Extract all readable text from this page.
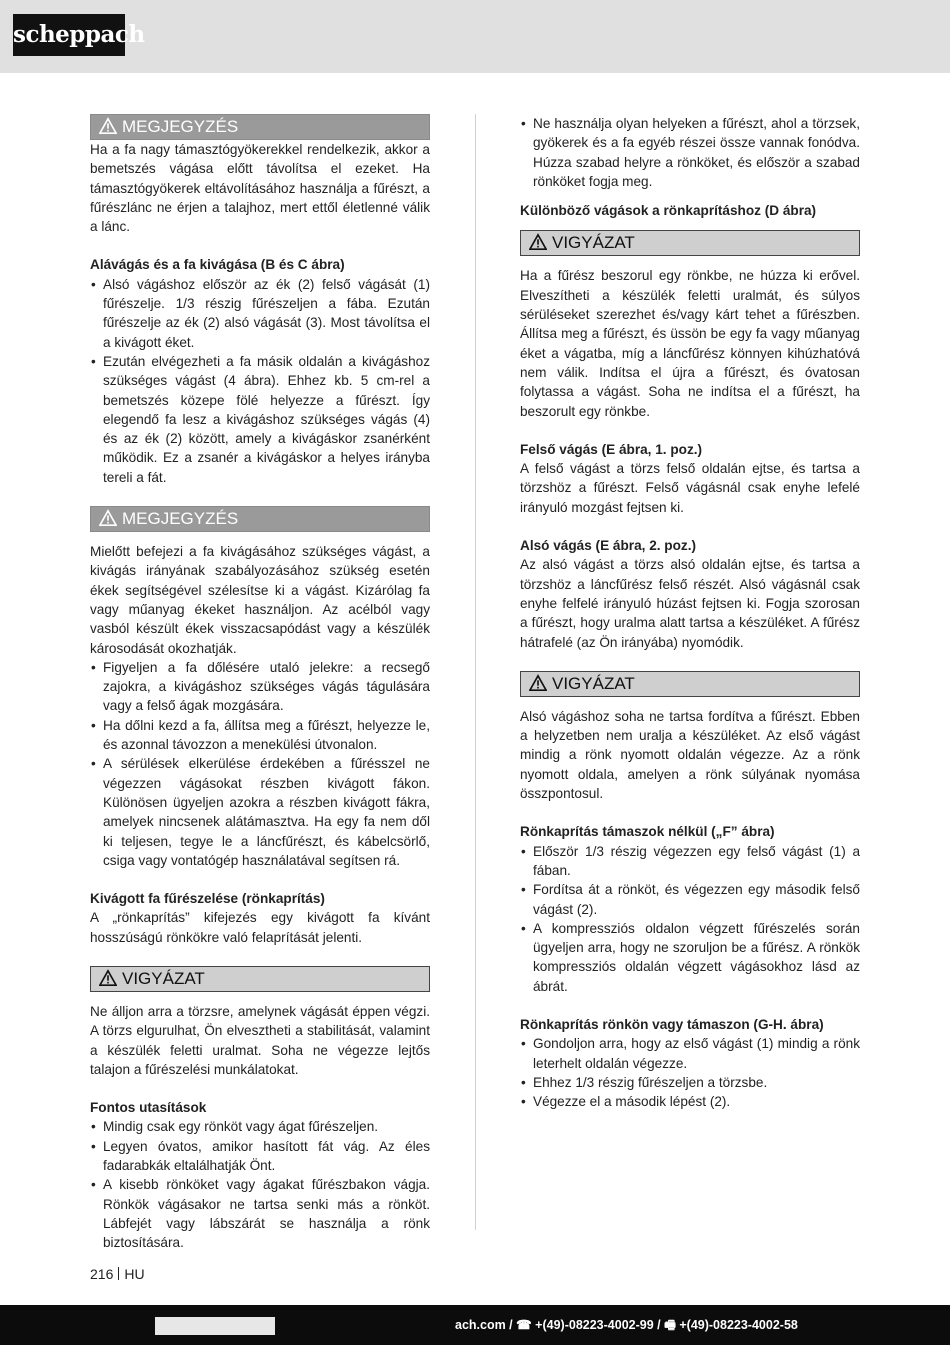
scheppach
MEGJEGYZÉS

Ha a fa nagy támasztógyökerekkel rendelkezik, akkor a bemetszés vágása előtt távolítsa el ezeket. Ha támasztógyökerek eltávolításához használja a fűrészt, a fűrészlánc ne érjen a talajhoz, mert ettől életlenné válik a lánc.

Alávágás és a fa kivágása (B és C ábra)

• Alsó vágáshoz először az ék (2) felső vágását (1) fűrészelje. 1/3 részig fűrészeljen a fába. Ezután fűrészelje az ék (2) alsó vágását (3). Most távolítsa el a kivágott éket.
• Ezután elvégezheti a fa másik oldalán a kivágáshoz szükséges vágást (4 ábra). Ehhez kb. 5 cm-rel a bemetszés közepe fölé helyezze a fűrészt. Így elegendő fa lesz a kivágáshoz szükséges vágás (4) és az ék (2) között, amely a kivágáskor zsanérként működik. Ez a zsanér a kivágáskor a helyes irányba tereli a fát.
MEGJEGYZÉS

Mielőtt befejezi a fa kivágásához szükséges vágást, a kivágás irányának szabályozásához szükség esetén ékek segítségével szélesítse ki a vágást. Kizárólag fa vagy műanyag ékeket használjon. Az acélból vagy vasból készült ékek visszacsapódást vagy a készülék károsodását okozhatják.

• Figyeljen a fa dőlésére utaló jelekre: a recsegő zajokra, a kivágáshoz szükséges vágás tágulására vagy a felső ágak mozgására.
• Ha dőlni kezd a fa, állítsa meg a fűrészt, helyezze le, és azonnal távozzon a menekülési útvonalon.
• A sérülések elkerülése érdekében a fűrésszel ne végezzen vágásokat részben kivágott fákon. Különösen ügyeljen azokra a részben kivágott fákra, amelyek nincsenek alátámasztva. Ha egy fa nem dől ki teljesen, tegye le a láncfűrészt, és kábelcsörlő, csiga vagy vontatógép használatával segítsen rá.

Kivágott fa fűrészelése (rönkaprítás)

A „rönkaprítás” kifejezés egy kivágott fa kívánt hosszúságú rönkökre való felaprítását jelenti.

VIGYÁZAT

Ne álljon arra a törzsre, amelynek vágását éppen végzi. A törzs elgurulhat, Ön elvesztheti a stabilitását, valamint a készülék feletti uralmat. Soha ne végezze lejtős talajon a fűrészelési munkálatokat.

Fontos utasítások

• Mindig csak egy rönköt vagy ágat fűrészeljen.
• Legyen óvatos, amikor hasított fát vág. Az éles fadarabkák eltalálhatják Önt.
• A kisebb rönköket vagy ágakat fűrészbakon vágja. Rönkök vágásakor ne tartsa senki más a rönköt. Lábfejét vagy lábszárát se használja a rönk biztosítására.
• Ne használja olyan helyeken a fűrészt, ahol a törzsek, gyökerek és a fa egyéb részei össze vannak fonódva. Húzza szabad helyre a rönköket, és először a szabad rönköket fogja meg.

Különböző vágások a rönkaprításhoz (D ábra)

VIGYÁZAT

Ha a fűrész beszorul egy rönkbe, ne húzza ki erővel. Elveszítheti a készülék feletti uralmát, és súlyos sérüléseket szerezhet és/vagy kárt tehet a fűrészben. Állítsa meg a fűrészt, és üssön be egy fa vagy műanyag éket a vágatba, míg a láncfűrész könnyen kihúzhatóvá nem válik. Indítsa el újra a fűrészt, és óvatosan folytassa a vágást. Soha ne indítsa el a fűrészt, ha beszorult egy rönkbe.

Felső vágás (E ábra, 1. poz.)

A felső vágást a törzs felső oldalán ejtse, és tartsa a törzshöz a fűrészt. Felső vágásnál csak enyhe lefelé irányuló mozgást fejtsen ki.

Alsó vágás (E ábra, 2. poz.)

Az alsó vágást a törzs alsó oldalán ejtse, és tartsa a törzshöz a láncfűrész felső részét. Alsó vágásnál csak enyhe felfelé irányuló húzást fejtsen ki. Fogja szorosan a fűrészt, hogy uralma alatt tartsa a készüléket. A fűrész hátrafelé (az Ön irányába) nyomódik.

VIGYÁZAT

Alsó vágáshoz soha ne tartsa fordítva a fűrészt. Ebben a helyzetben nem uralja a készüléket. Az első vágást mindig a rönk nyomott oldalán végezze. Az a rönk nyomott oldala, amelyen a rönk súlyának nyomása összpontosul.

Rönkaprítás támaszok nélkül („F” ábra)

• Először 1/3 részig végezzen egy felső vágást (1) a fában.
• Fordítsa át a rönköt, és végezzen egy második felső vágást (2).
• A kompressziós oldalon végzett fűrészelés során ügyeljen arra, hogy ne szoruljon be a fűrész. A rönkök kompressziós oldalán végzett vágásokhoz lásd az ábrát.

Rönkaprítás rönkön vagy támaszon (G-H. ábra)

• Gondoljon arra, hogy az első vágást (1) mindig a rönk leterhelt oldalán végezze.
• Ehhez 1/3 részig fűrészeljen a törzsbe.
• Végezze el a második lépést (2).
216 HU
ach.com / ☎ +(49)-08223-4002-99 / 🖷 +(49)-08223-4002-58
